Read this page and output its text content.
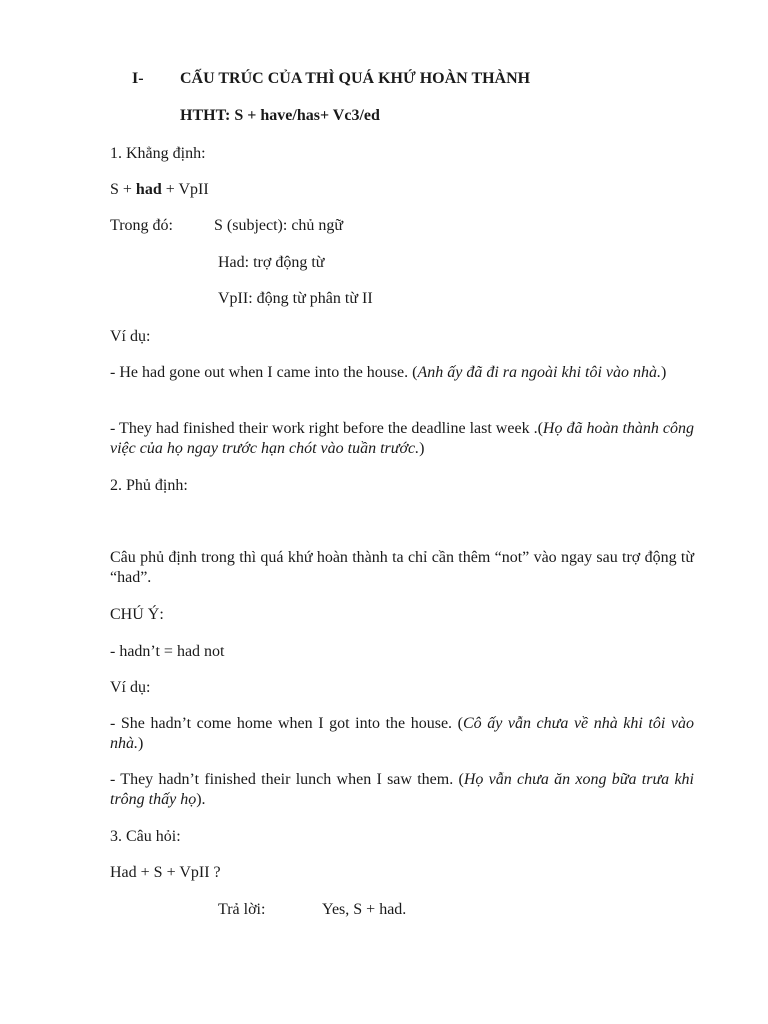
I- CẤU TRÚC CỦA THÌ QUÁ KHỨ HOÀN THÀNH
HTHT: S + have/has+ Vc3/ed

1. Khẳng định:

S + had + VpII

Trong đó:	S (subject): chủ ngữ
Had: trợ động từ
VpII: động từ phân từ II

Ví dụ:

- He had gone out when I came into the house. (Anh ấy đã đi ra ngoài khi tôi vào nhà.)

- They had finished their work right before the deadline last week .(Họ đã hoàn thành công việc của họ ngay trước hạn chót vào tuần trước.)

2. Phủ định:

Câu phủ định trong thì quá khứ hoàn thành ta chỉ cần thêm “not” vào ngay sau trợ động từ “had”.

CHÚ Ý:

- hadn’t = had not

Ví dụ:

- She hadn’t come home when I got into the house. (Cô ấy vẫn chưa về nhà khi tôi vào nhà.)

- They hadn’t finished their lunch when I saw them. (Họ vẫn chưa ăn xong bữa trưa khi trông thấy họ).

3. Câu hỏi:

Had + S + VpII ?

Trả lời:	Yes, S + had.
